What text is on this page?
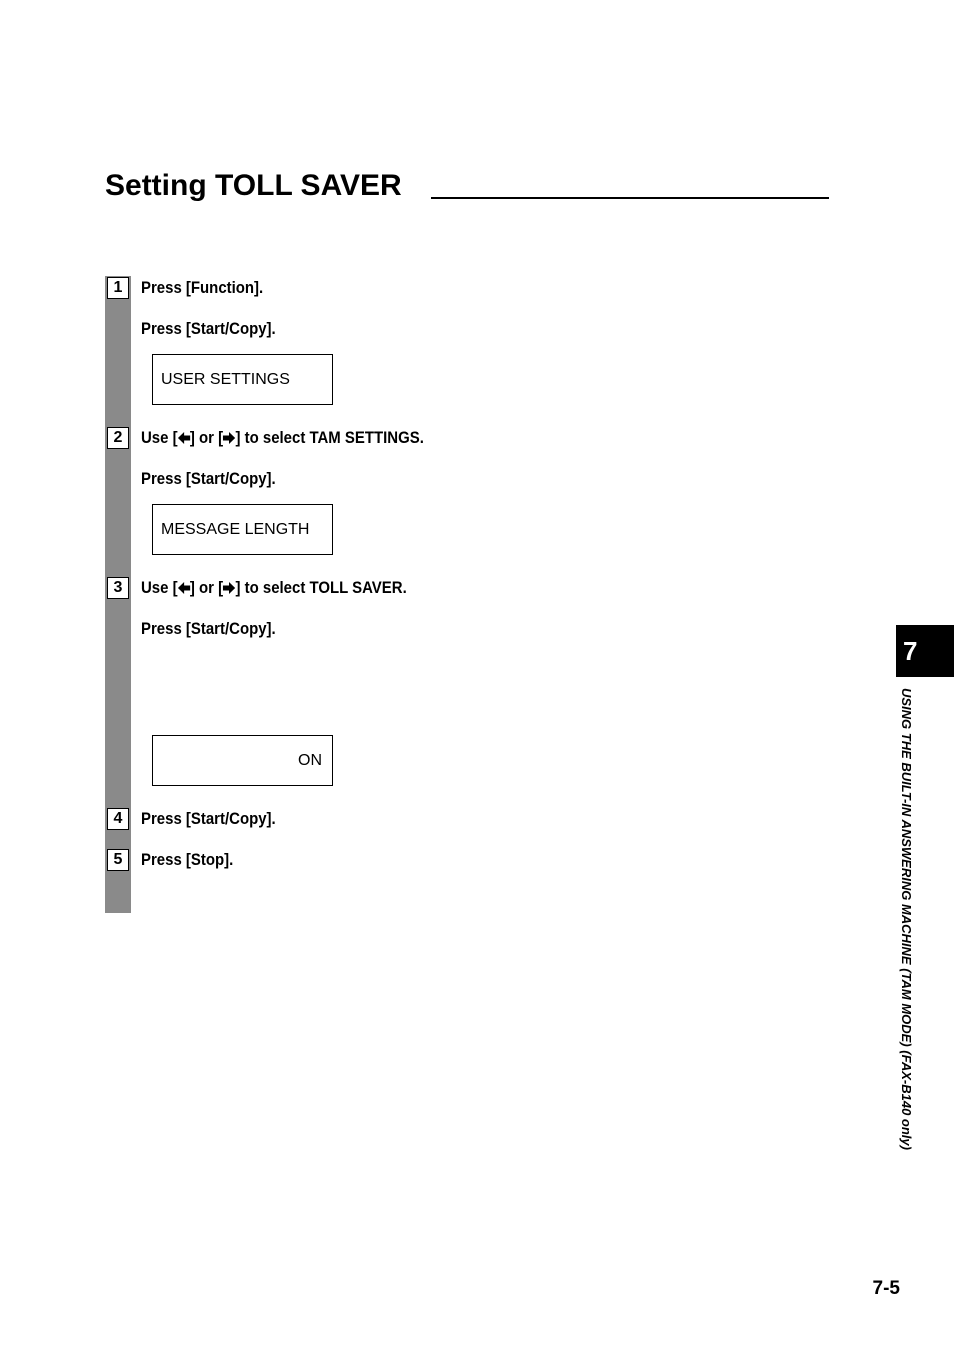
Setting TOLL SAVER
1	Press [Function].
Press [Start/Copy].
USER SETTINGS
2	Use [ ] or [ ] to select TAM SETTINGS.
Press [Start/Copy].
MESSAGE LENGTH
3	Use [ ] or [ ] to select TOLL SAVER.
Press [Start/Copy].
ON
4	Press [Start/Copy].
5	Press [Stop].
7
USING THE BUILT-IN ANSWERING MACHINE (TAM MODE) (FAX-B140 only)
7-5
